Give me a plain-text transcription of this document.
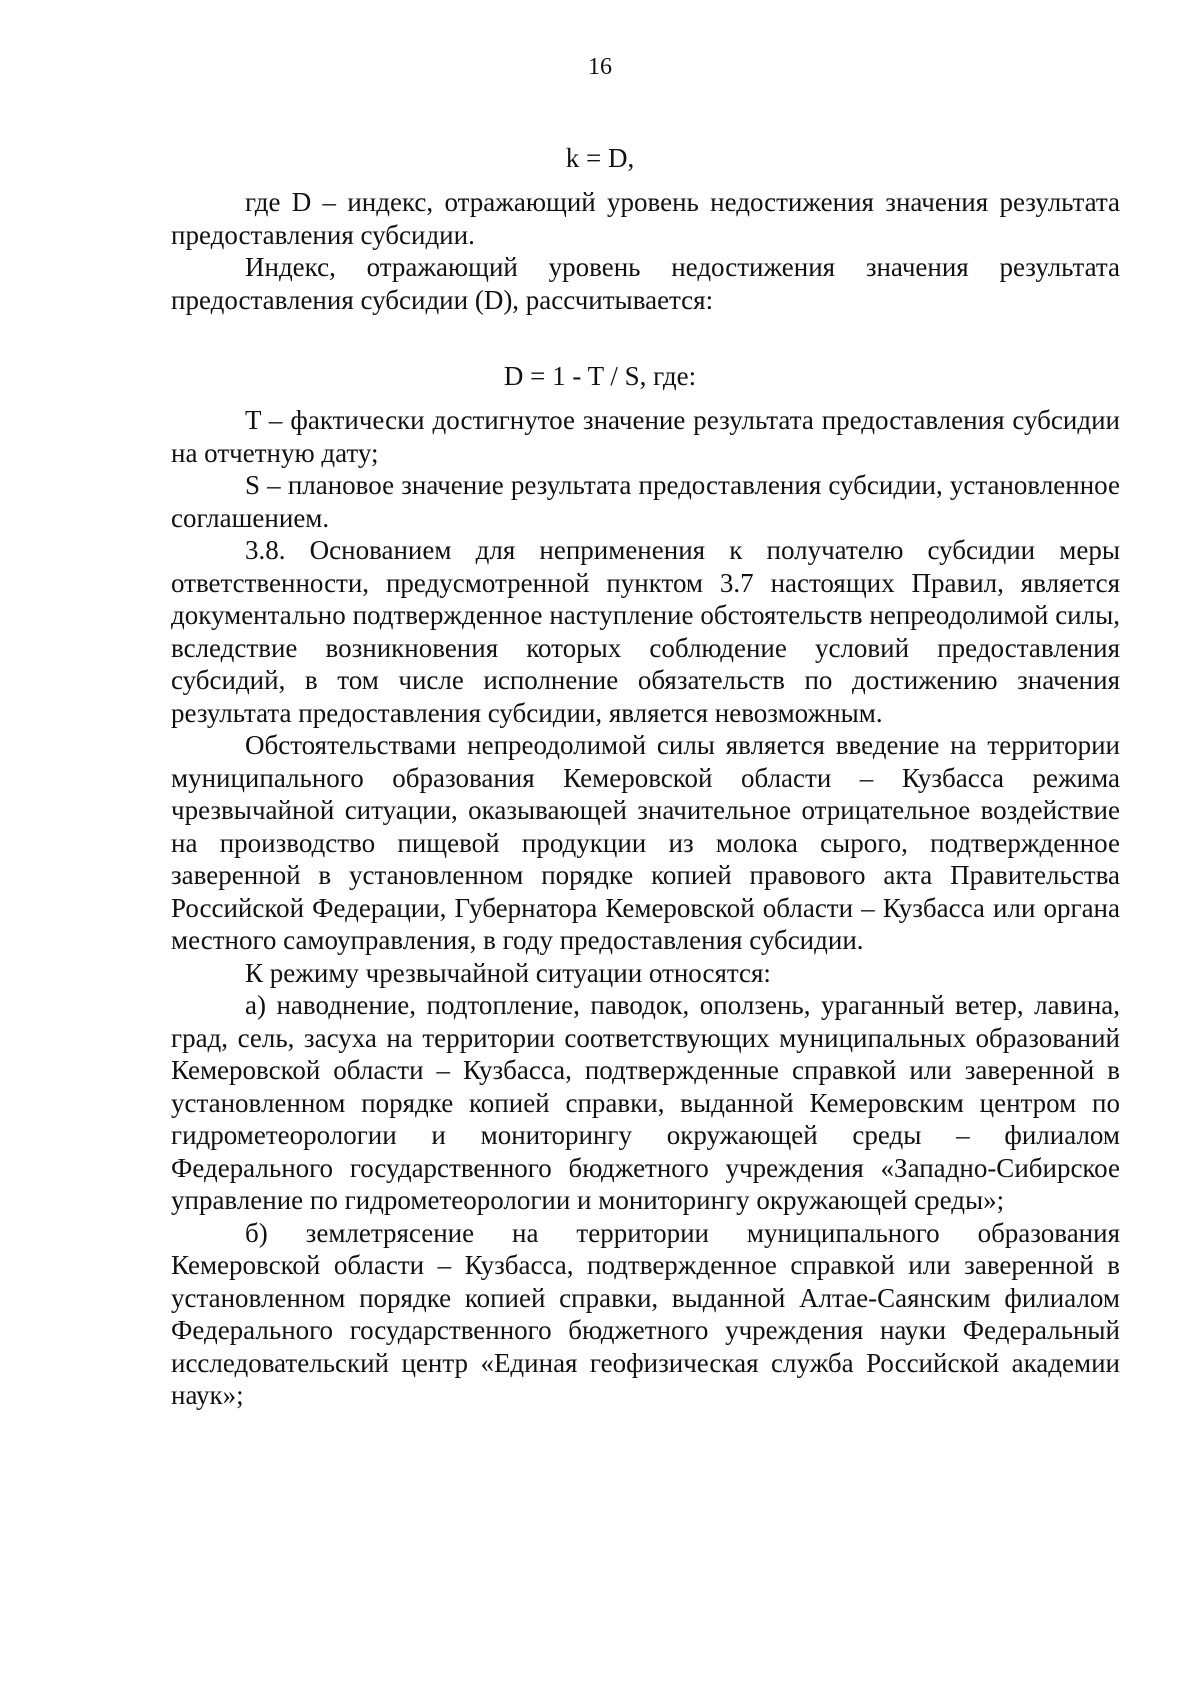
16
k = D,

где D – индекс, отражающий уровень недостижения значения результата предоставления субсидии.

Индекс, отражающий уровень недостижения значения результата предоставления субсидии (D), рассчитывается:

T – фактически достигнутое значение результата предоставления субсидии на отчетную дату;

S – плановое значение результата предоставления субсидии, установленное соглашением.

3.8. Основанием для неприменения к получателю субсидии меры ответственности, предусмотренной пунктом 3.7 настоящих Правил, является документально подтвержденное наступление обстоятельств непреодолимой силы, вследствие возникновения которых соблюдение условий предоставления субсидий, в том числе исполнение обязательств по достижению значения результата предоставления субсидии, является невозможным.

Обстоятельствами непреодолимой силы является введение на территории муниципального образования Кемеровской области – Кузбасса режима чрезвычайной ситуации, оказывающей значительное отрицательное воздействие на производство пищевой продукции из молока сырого, подтвержденное заверенной в установленном порядке копией правового акта Правительства Российской Федерации, Губернатора Кемеровской области – Кузбасса или органа местного самоуправления, в году предоставления субсидии.

К режиму чрезвычайной ситуации относятся:

а) наводнение, подтопление, паводок, оползень, ураганный ветер, лавина, град, сель, засуха на территории соответствующих муниципальных образований Кемеровской области – Кузбасса, подтвержденные справкой или заверенной в установленном порядке копией справки, выданной Кемеровским центром по гидрометеорологии и мониторингу окружающей среды – филиалом Федерального государственного бюджетного учреждения «Западно-Сибирское управление по гидрометеорологии и мониторингу окружающей среды»;

б) землетрясение на территории муниципального образования Кемеровской области – Кузбасса, подтвержденное справкой или заверенной в установленном порядке копией справки, выданной Алтае-Саянским филиалом Федерального государственного бюджетного учреждения науки Федеральный исследовательский центр «Единая геофизическая служба Российской академии наук»;

D = 1 - T / S, где:
